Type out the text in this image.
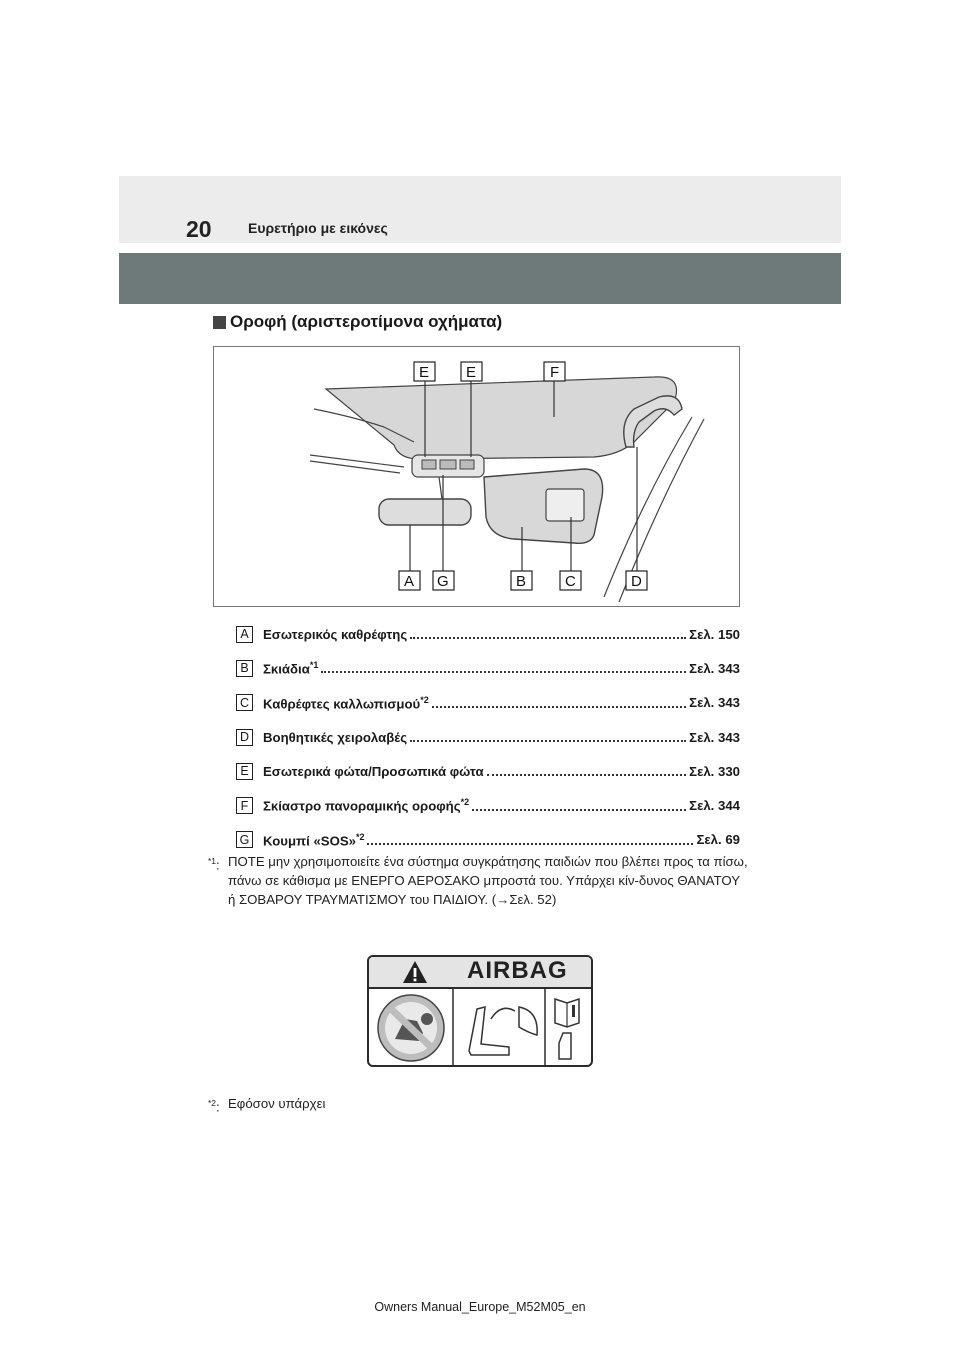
20	Ευρετήριο με εικόνες
Οροφή (αριστεροτίμονα οχήματα)
E E	F
A G	B	C	D
A	Εσωτερικός καθρέφτης	Σελ. 150
B	Σκιάδια$^{*1}$	Σελ. 343
C	Καθρέφτες καλλωπισμού$^{*2}$	Σελ. 343
D	Βοηθητικές χειρολαβές	Σελ. 343
E	Εσωτερικά φώτα/Προσωπικά φώτα	Σελ. 330
F	Σκίαστρο πανοραμικής οροφής$^{*2}$	Σελ. 344
G Κουμπί «SOS»$^{*2}$	Σελ. 69
$^{*1}$: ΠΟΤΕ μην χρησιμοποιείτε ένα σύστημα συγκράτησης παιδιών που βλέπει προς τα πίσω, πάνω σε κάθισμα με ΕΝΕΡΓΟ ΑΕΡΟΣΑΚΟ μπροστά του. Υπάρχει κίν-δυνος ΘΑΝΑΤΟΥ ή ΣΟΒΑΡΟΥ ΤΡΑΥΜΑΤΙΣΜΟΥ του ΠΑΙΔΙΟΥ. (→Σελ. 52)
AIRBAG
$^{*2}$: Εφόσον υπάρχει
Owners Manual_Europe_M52M05_en
